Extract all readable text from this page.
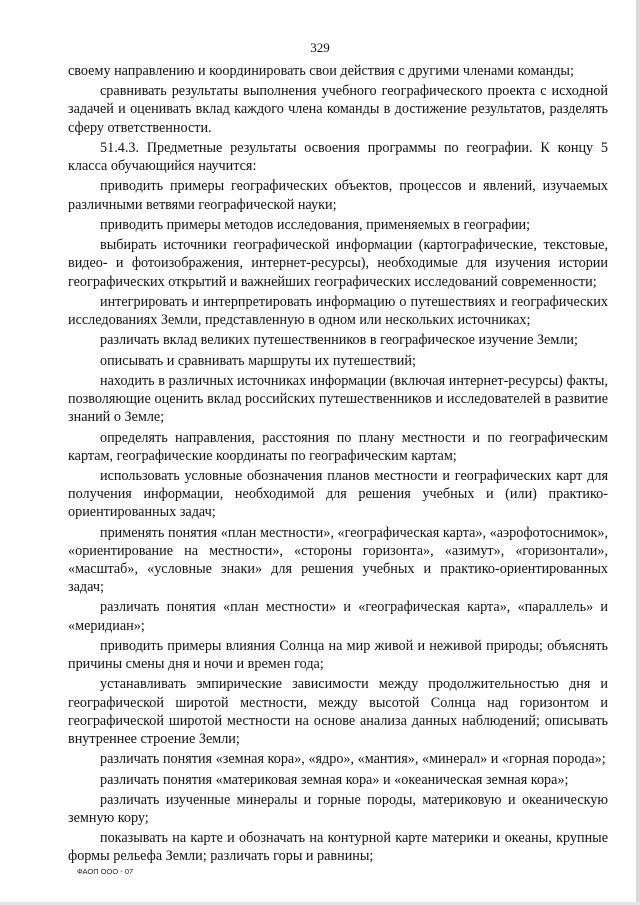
329

своему направлению и координировать свои действия с другими членами команды;

сравнивать результаты выполнения учебного географического проекта с исходной задачей и оценивать вклад каждого члена команды в достижение результатов, разделять сферу ответственности.

51.4.3. Предметные результаты освоения программы по географии. К концу 5 класса обучающийся научится:

приводить примеры географических объектов, процессов и явлений, изучаемых различными ветвями географической науки;

приводить примеры методов исследования, применяемых в географии;

выбирать источники географической информации (картографические, текстовые, видео- и фотоизображения, интернет-ресурсы), необходимые для изучения истории географических открытий и важнейших географических исследований современности;

интегрировать и интерпретировать информацию о путешествиях и географических исследованиях Земли, представленную в одном или нескольких источниках;

различать вклад великих путешественников в географическое изучение Земли;

описывать и сравнивать маршруты их путешествий;

находить в различных источниках информации (включая интернет-ресурсы) факты, позволяющие оценить вклад российских путешественников и исследователей в развитие знаний о Земле;

определять направления, расстояния по плану местности и по географическим картам, географические координаты по географическим картам;

использовать условные обозначения планов местности и географических карт для получения информации, необходимой для решения учебных и (или) практико-ориентированных задач;

применять понятия «план местности», «географическая карта», «аэрофотоснимок», «ориентирование на местности», «стороны горизонта», «азимут», «горизонтали», «масштаб», «условные знаки» для решения учебных и практико-ориентированных задач;

различать понятия «план местности» и «географическая карта», «параллель» и «меридиан»;

приводить примеры влияния Солнца на мир живой и неживой природы; объяснять причины смены дня и ночи и времен года;

устанавливать эмпирические зависимости между продолжительностью дня и географической широтой местности, между высотой Солнца над горизонтом и географической широтой местности на основе анализа данных наблюдений; описывать внутреннее строение Земли;

различать понятия «земная кора», «ядро», «мантия», «минерал» и «горная порода»;

различать понятия «материковая земная кора» и «океаническая земная кора»;

различать изученные минералы и горные породы, материковую и океаническую земную кору;

показывать на карте и обозначать на контурной карте материки и океаны, крупные формы рельефа Земли; различать горы и равнины;

ФАОП ООО - 07
